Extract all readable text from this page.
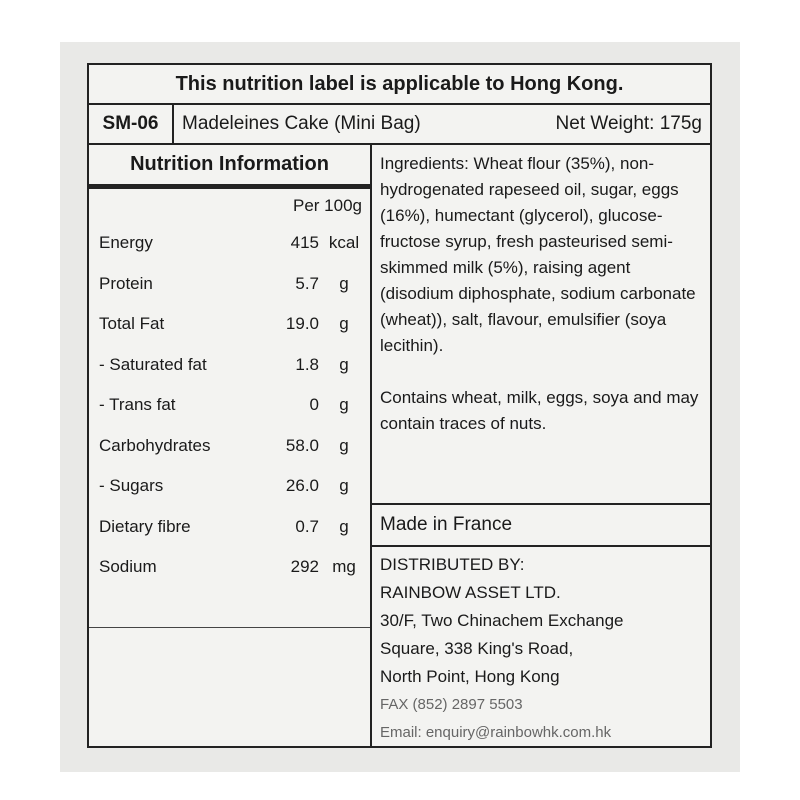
This nutrition label is applicable to Hong Kong.
SM-06	Madeleines Cake (Mini Bag)	Net Weight: 175g
Nutrition Information
Per 100g
Energy	415 kcal
Protein	5.7	g
Total Fat	19.0	g
- Saturated fat	1.8	g
- Trans fat	0	g
Carbohydrates	58.0	g
- Sugars	26.0	g
Dietary fibre	0.7	g
Sodium	292 mg
Ingredients: Wheat flour (35%), non-hydrogenated rapeseed oil, sugar, eggs (16%), humectant (glycerol), glucose-fructose syrup, fresh pasteurised semi-skimmed milk (5%), raising agent (disodium diphosphate, sodium carbonate (wheat)), salt, flavour, emulsifier (soya lecithin).
Contains wheat, milk, eggs, soya and may contain traces of nuts.
Made in France
DISTRIBUTED BY:
RAINBOW ASSET LTD.
30/F, Two Chinachem Exchange
Square, 338 King's Road,
North Point, Hong Kong
FAX (852) 2897 5503
Email: enquiry@rainbowhk.com.hk
